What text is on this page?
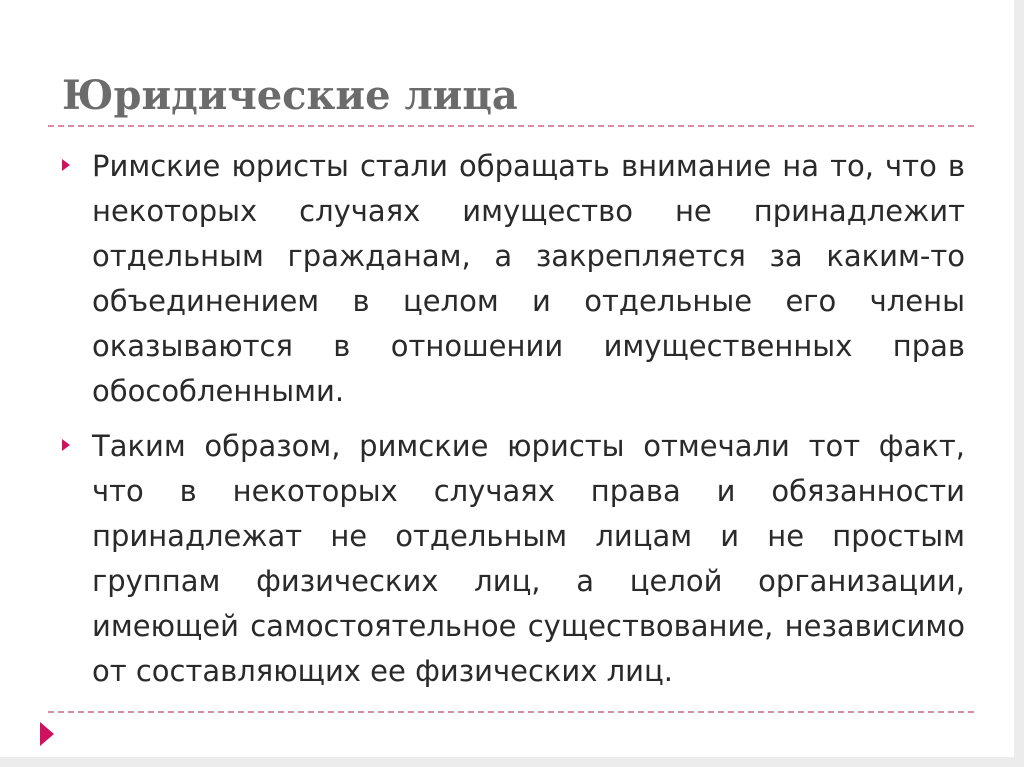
Юридические лица

Римские юристы стали обращать внимание на то, что в некоторых случаях имущество не принадлежит отдельным гражданам, а закрепляется за каким-то объединением в целом и отдельные его члены оказываются в отношении имущественных прав обособленными.

Таким образом, римские юристы отмечали тот факт, что в некоторых случаях права и обязанности принадлежат не отдельным лицам и не простым группам физических лиц, а целой организации, имеющей самостоятельное существование, независимо от составляющих ее физических лиц.
